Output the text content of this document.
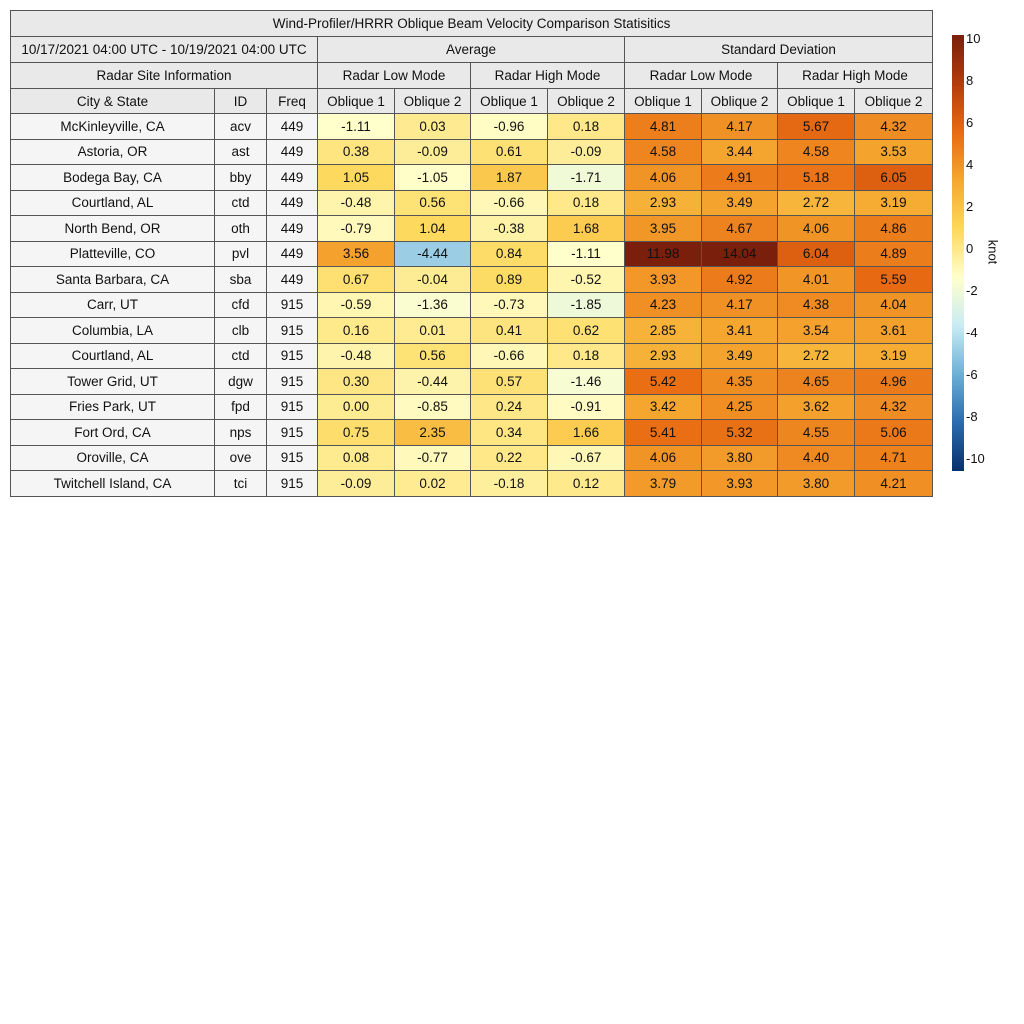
Wind-Profiler/HRRR Oblique Beam Velocity Comparison Statisitics										
10/17/2021 04:00 UTC - 10/19/2021 04:00 UTC			Average				Standard Deviation			
Radar Site Information			Radar Low Mode		Radar High Mode		Radar Low Mode		Radar High Mode	
City & State	ID	Freq	Oblique 1	Oblique 2	Oblique 1	Oblique 2	Oblique 1	Oblique 2	Oblique 1	Oblique 2
McKinleyville, CA	acv	449	-1.11	0.03	-0.96	0.18	4.81	4.17	5.67	4.32
Astoria, OR	ast	449	0.38	-0.09	0.61	-0.09	4.58	3.44	4.58	3.53
Bodega Bay, CA	bby	449	1.05	-1.05	1.87	-1.71	4.06	4.91	5.18	6.05
Courtland, AL	ctd	449	-0.48	0.56	-0.66	0.18	2.93	3.49	2.72	3.19
North Bend, OR	oth	449	-0.79	1.04	-0.38	1.68	3.95	4.67	4.06	4.86
Platteville, CO	pvl	449	3.56	-4.44	0.84	-1.11	11.98	14.04	6.04	4.89
Santa Barbara, CA	sba	449	0.67	-0.04	0.89	-0.52	3.93	4.92	4.01	5.59
Carr, UT	cfd	915	-0.59	-1.36	-0.73	-1.85	4.23	4.17	4.38	4.04
Columbia, LA	clb	915	0.16	0.01	0.41	0.62	2.85	3.41	3.54	3.61
Courtland, AL	ctd	915	-0.48	0.56	-0.66	0.18	2.93	3.49	2.72	3.19
Tower Grid, UT	dgw	915	0.30	-0.44	0.57	-1.46	5.42	4.35	4.65	4.96
Fries Park, UT	fpd	915	0.00	-0.85	0.24	-0.91	3.42	4.25	3.62	4.32
Fort Ord, CA	nps	915	0.75	2.35	0.34	1.66	5.41	5.32	4.55	5.06
Oroville, CA	ove	915	0.08	-0.77	0.22	-0.67	4.06	3.80	4.40	4.71
Twitchell Island, CA	tci	915	-0.09	0.02	-0.18	0.12	3.79	3.93	3.80	4.21
10
8
6
4
2
0
-2
-4
-6
-8
-10
knot
